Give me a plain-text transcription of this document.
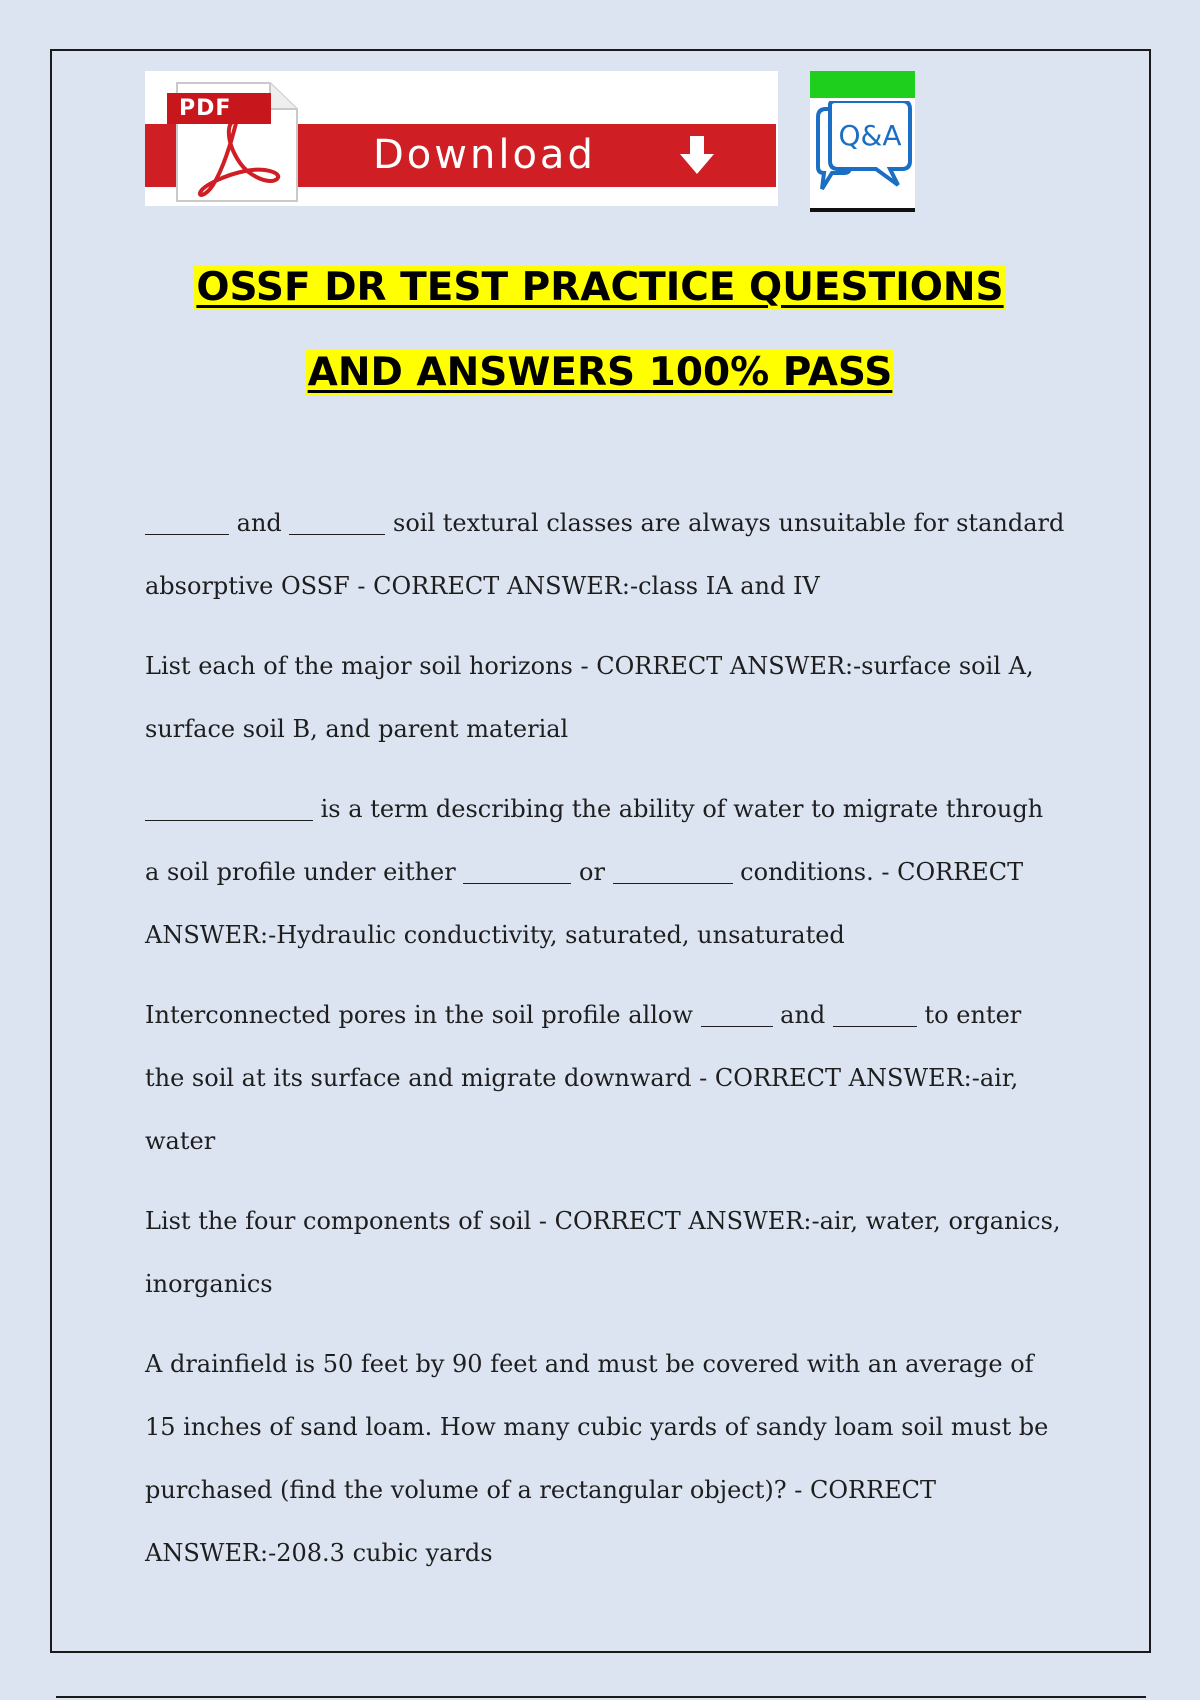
PDF
Download	Q&A
OSSF DR TEST PRACTICE QUESTIONS
AND ANSWERS 100% PASS

and	soil textural classes are always unsuitable for standard absorptive OSSF - CORRECT ANSWER:-class IA and IV

List each of the major soil horizons - CORRECT ANSWER:-surface soil A, surface soil B, and parent material

is a term describing the ability of water to migrate through a soil profile under either	or	conditions. - CORRECT ANSWER:-Hydraulic conductivity, saturated, unsaturated

Interconnected pores in the soil profile allow	and	to enter the soil at its surface and migrate downward - CORRECT ANSWER:-air, water

List the four components of soil - CORRECT ANSWER:-air, water, organics, inorganics

A drainfield is 50 feet by 90 feet and must be covered with an average of 15 inches of sand loam. How many cubic yards of sandy loam soil must be purchased (find the volume of a rectangular object)? - CORRECT ANSWER:-208.3 cubic yards
